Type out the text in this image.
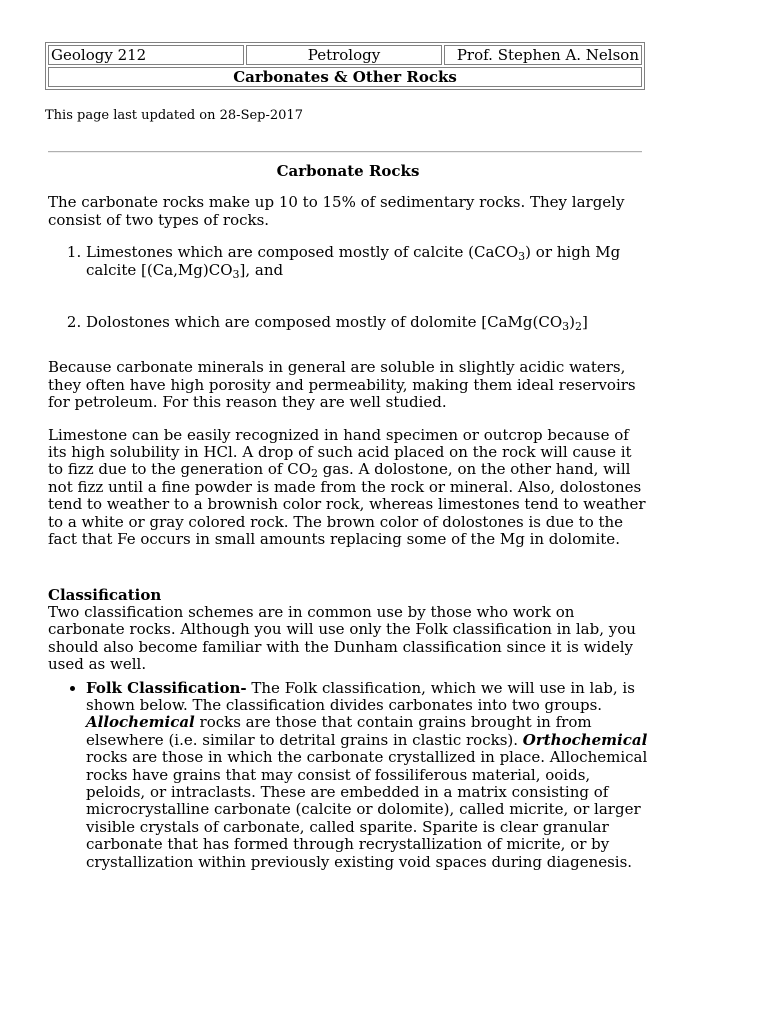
Geology 212	Petrology	Prof. Stephen A. Nelson
Carbonates & Other Rocks
This page last updated on 28-Sep-2017

Carbonate Rocks

The carbonate rocks make up 10 to 15% of sedimentary rocks. They largely consist of two types of rocks.

1. Limestones which are composed mostly of calcite (CaCO$_3$) or high Mg calcite $[(Ca,Mg)CO_3]$, and
2. Dolostones which are composed mostly of dolomite $[CaMg(CO_3)_2]$

Because carbonate minerals in general are soluble in slightly acidic waters, they often have high porosity and permeability, making them ideal reservoirs for petroleum. For this reason they are well studied.

Limestone can be easily recognized in hand specimen or outcrop because of its high solubility in HCl. A drop of such acid placed on the rock will cause it to fizz due to the generation of $CO_2$ gas. A dolostone, on the other hand, will not fizz until a fine powder is made from the rock or mineral. Also, dolostones tend to weather to a brownish color rock, whereas limestones tend to weather to a white or gray colored rock. The brown color of dolostones is due to the fact that Fe occurs in small amounts replacing some of the Mg in dolomite.

Classification

Two classification schemes are in common use by those who work on carbonate rocks. Although you will use only the Folk classification in lab, you should also become familiar with the Dunham classification since it is widely used as well.

• Folk Classification- The Folk classification, which we will use in lab, is shown below. The classification divides carbonates into two groups. Allochemical rocks are those that contain grains brought in from elsewhere (i.e. similar to detrital grains in clastic rocks). Orthochemical rocks are those in which the carbonate crystallized in place. Allochemical rocks have grains that may consist of fossiliferous material, ooids, peloids, or intraclasts. These are embedded in a matrix consisting of microcrystalline carbonate (calcite or dolomite), called micrite, or larger visible crystals of carbonate, called sparite. Sparite is clear granular carbonate that has formed through recrystallization of micrite, or by crystallization within previously existing void spaces during diagenesis.
